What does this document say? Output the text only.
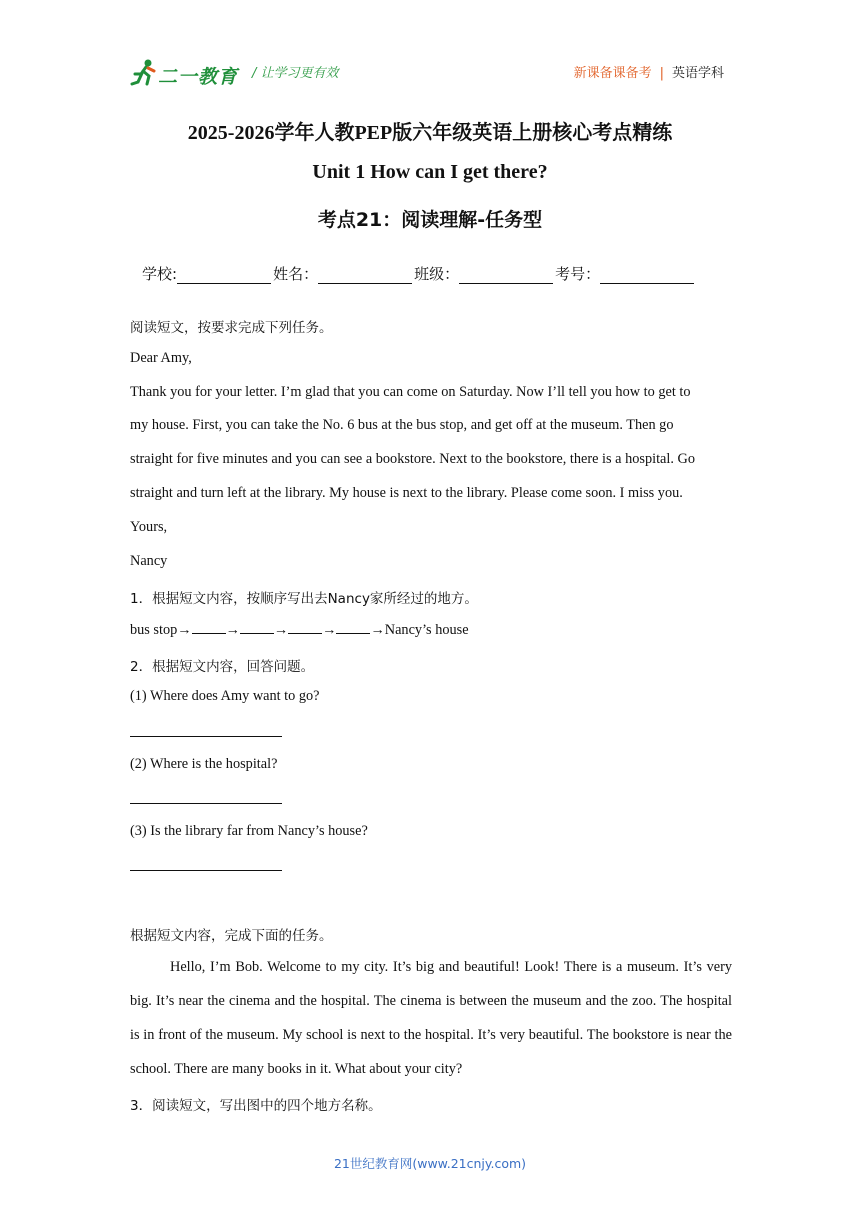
二一教育 / 让学习更有效	新课备课备考 | 英语学科
2025-2026学年人教PEP版六年级英语上册核心考点精练
Unit 1 How can I get there?
考点21：阅读理解-任务型
学校:	姓名：	班级：	考号：
阅读短文，按要求完成下列任务。
Dear Amy,
Thank you for your letter. I’m glad that you can come on Saturday. Now I’ll tell you how to get to
my house. First, you can take the No. 6 bus at the bus stop, and get off at the museum. Then go
straight for five minutes and you can see a bookstore. Next to the bookstore, there is a hospital. Go
straight and turn left at the library. My house is next to the library. Please come soon. I miss you.
Yours,
Nancy
1．根据短文内容，按顺序写出去Nancy家所经过的地方。
bus stop→ → → → →Nancy’s house
2．根据短文内容，回答问题。
(1) Where does Amy want to go?
(2) Where is the hospital?
(3) Is the library far from Nancy’s house?
根据短文内容，完成下面的任务。
Hello, I’m Bob. Welcome to my city. It’s big and beautiful! Look! There is a museum. It’s very big. It’s near the cinema and the hospital. The cinema is between the museum and the zoo. The hospital is in front of the museum. My school is next to the hospital. It’s very beautiful. The bookstore is near the school. There are many books in it. What about your city?
3．阅读短文，写出图中的四个地方名称。
21世纪教育网(www.21cnjy.com)
